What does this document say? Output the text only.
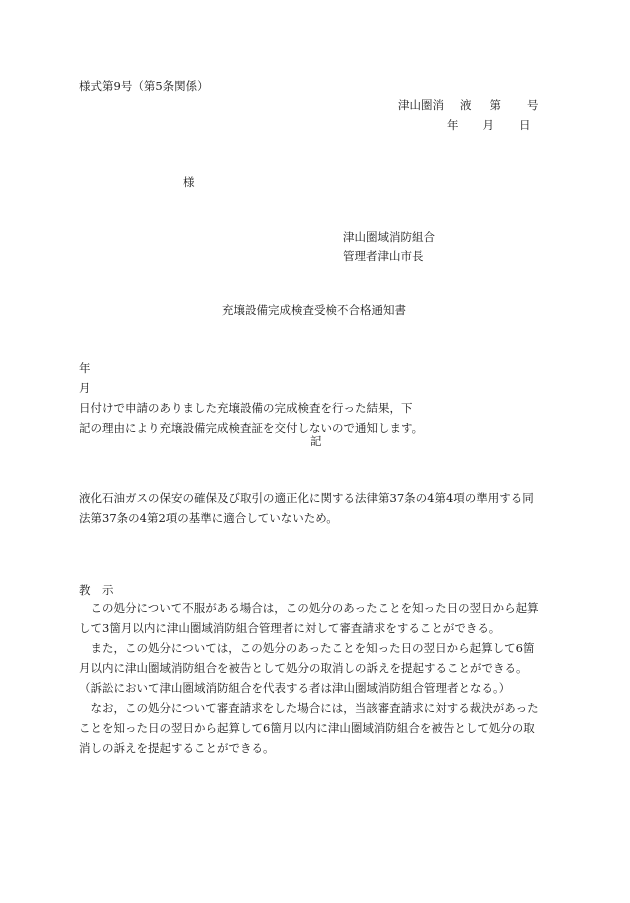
様式第9号（第5条関係）
津山圏消 液 第 号
年 月 日
様
津山圏域消防組合
管理者津山市長
充壌設備完成検査受検不合格通知書
年
月
日付けで申請のありました充壌設備の完成検査を行った結果，下
記の理由により充壌設備完成検査証を交付しないので通知します。
記
液化石油ガスの保安の確保及び取引の適正化に関する法律第37条の4第4項の準用する同
法第37条の4第2項の基準に適合していないため。
教　示
　この処分について不服がある場合は，この処分のあったことを知った日の翌日から起算
して3箇月以内に津山圏域消防組合管理者に対して審査請求をすることができる。
　また，この処分については，この処分のあったことを知った日の翌日から起算して6箇
月以内に津山圏域消防組合を被告として処分の取消しの訴えを提起することができる。
（訴訟において津山圏域消防組合を代表する者は津山圏域消防組合管理者となる。）
　なお，この処分について審査請求をした場合には，当該審査請求に対する裁決があった
ことを知った日の翌日から起算して6箇月以内に津山圏域消防組合を被告として処分の取
消しの訴えを提起することができる。
